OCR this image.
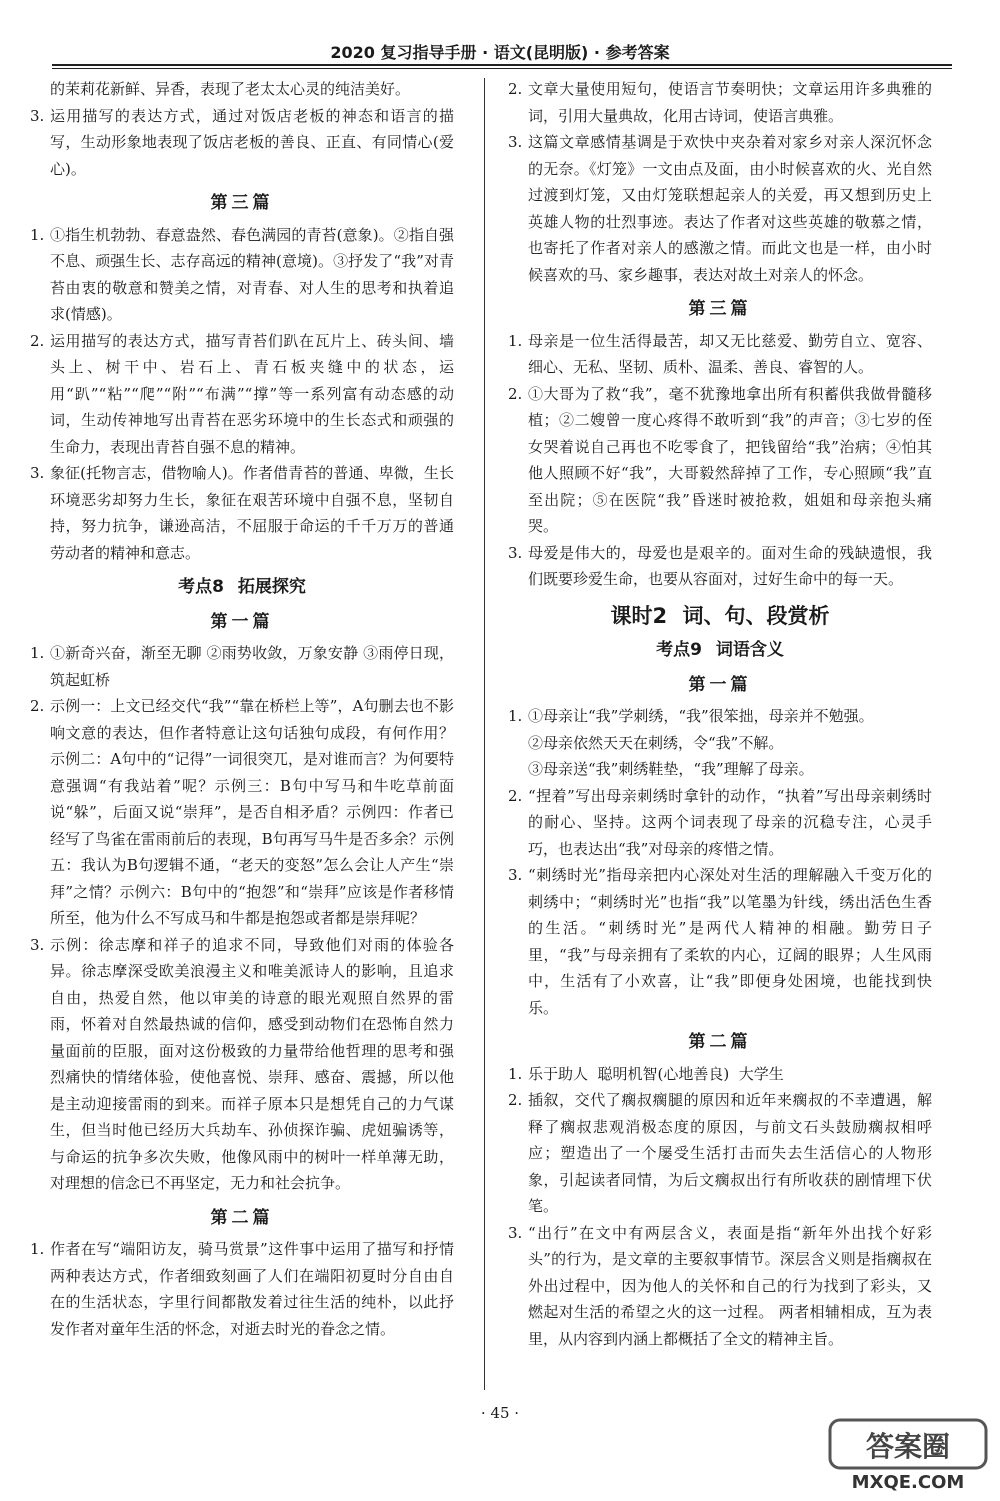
2020 复习指导手册 · 语文(昆明版) · 参考答案

的茉莉花新鲜、异香，表现了老太太心灵的纯洁美好。

3. 运用描写的表达方式，通过对饭店老板的神态和语言的描写，生动形象地表现了饭店老板的善良、正直、有同情心(爱心)。
第三篇
1. ①指生机勃勃、春意盎然、春色满园的青苔(意象)。②指自强不息、顽强生长、志存高远的精神(意境)。③抒发了“我”对青苔由衷的敬意和赞美之情，对青春、对人生的思考和执着追求(情感)。
2. 运用描写的表达方式，描写青苔们趴在瓦片上、砖头间、墙头上、树干中、岩石上、青石板夹缝中的状态，运用“趴”“粘”“爬”“附”“布满”“撑”等一系列富有动态感的动词，生动传神地写出青苔在恶劣环境中的生长态式和顽强的生命力，表现出青苔自强不息的精神。
3. 象征(托物言志，借物喻人)。作者借青苔的普通、卑微，生长环境恶劣却努力生长，象征在艰苦环境中自强不息，坚韧自持，努力抗争，谦逊高洁，不屈服于命运的千千万万的普通劳动者的精神和意志。
考点8 拓展探究
第一篇
1. ①新奇兴奋，渐至无聊 ②雨势收敛，万象安静 ③雨停日现，筑起虹桥
2. 示例一：上文已经交代“我”“靠在桥栏上等”，A句删去也不影响文意的表达，但作者特意让这句话独句成段，有何作用？示例二：A句中的“记得”一词很突兀，是对谁而言？为何要特意强调“有我站着”呢？示例三：B句中写马和牛吃草前面说“躲”，后面又说“崇拜”，是否自相矛盾？示例四：作者已经写了鸟雀在雷雨前后的表现，B句再写马牛是否多余？示例五：我认为B句逻辑不通，“老天的变怒”怎么会让人产生“崇拜”之情？示例六：B句中的“抱怨”和“崇拜”应该是作者移情所至，他为什么不写成马和牛都是抱怨或者都是崇拜呢？
3. 示例：徐志摩和祥子的追求不同，导致他们对雨的体验各异。徐志摩深受欧美浪漫主义和唯美派诗人的影响，且追求自由，热爱自然，他以审美的诗意的眼光观照自然界的雷雨，怀着对自然最热诚的信仰，感受到动物们在恐怖自然力量面前的臣服，面对这份极致的力量带给他哲理的思考和强烈痛快的情绪体验，使他喜悦、崇拜、感奋、震撼，所以他是主动迎接雷雨的到来。而祥子原本只是想凭自己的力气谋生，但当时他已经历大兵劫车、孙侦探诈骗、虎妞骗诱等，与命运的抗争多次失败，他像风雨中的树叶一样单薄无助，对理想的信念已不再坚定，无力和社会抗争。
第二篇
1. 作者在写“端阳访友，骑马赏景”这件事中运用了描写和抒情两种表达方式，作者细致刻画了人们在端阳初夏时分自由自在的生活状态，字里行间都散发着过往生活的纯朴，以此抒发作者对童年生活的怀念，对逝去时光的眷念之情。
2. 文章大量使用短句，使语言节奏明快；文章运用许多典雅的词，引用大量典故，化用古诗词，使语言典雅。
3. 这篇文章感情基调是于欢快中夹杂着对家乡对亲人深沉怀念的无奈。《灯笼》一文由点及面，由小时候喜欢的火、光自然过渡到灯笼，又由灯笼联想起亲人的关爱，再又想到历史上英雄人物的壮烈事迹。表达了作者对这些英雄的敬慕之情，也寄托了作者对亲人的感激之情。而此文也是一样，由小时候喜欢的马、家乡趣事，表达对故土对亲人的怀念。
第三篇
1. 母亲是一位生活得最苦，却又无比慈爱、勤劳自立、宽容、细心、无私、坚韧、质朴、温柔、善良、睿智的人。
2. ①大哥为了救“我”，毫不犹豫地拿出所有积蓄供我做骨髓移植；②二嫂曾一度心疼得不敢听到“我”的声音；③七岁的侄女哭着说自己再也不吃零食了，把钱留给“我”治病；④怕其他人照顾不好“我”，大哥毅然辞掉了工作，专心照顾“我”直至出院；⑤在医院“我”昏迷时被抢救，姐姐和母亲抱头痛哭。
3. 母爱是伟大的，母爱也是艰辛的。面对生命的残缺遗恨，我们既要珍爱生命，也要从容面对，过好生命中的每一天。
课时2 词、句、段赏析
考点9 词语含义
第一篇
1. ①母亲让“我”学刺绣，“我”很笨拙，母亲并不勉强。
②母亲依然天天在刺绣，令“我”不解。
③母亲送“我”刺绣鞋垫，“我”理解了母亲。
2. “捏着”写出母亲刺绣时拿针的动作，“执着”写出母亲刺绣时的耐心、坚持。这两个词表现了母亲的沉稳专注，心灵手巧，也表达出“我”对母亲的疼惜之情。
3. “刺绣时光”指母亲把内心深处对生活的理解融入千变万化的刺绣中；“刺绣时光”也指“我”以笔墨为针线，绣出活色生香的生活。“刺绣时光”是两代人精神的相融。勤劳日子里，“我”与母亲拥有了柔软的内心，辽阔的眼界；人生风雨中，生活有了小欢喜，让“我”即便身处困境，也能找到快乐。
第二篇
1. 乐于助人  聪明机智(心地善良)  大学生
2. 插叙，交代了瘸叔瘸腿的原因和近年来瘸叔的不幸遭遇，解释了瘸叔悲观消极态度的原因，与前文石头鼓励瘸叔相呼应；塑造出了一个屡受生活打击而失去生活信心的人物形象，引起读者同情，为后文瘸叔出行有所收获的剧情埋下伏笔。
3. “出行”在文中有两层含义，表面是指“新年外出找个好彩头”的行为，是文章的主要叙事情节。深层含义则是指瘸叔在外出过程中，因为他人的关怀和自己的行为找到了彩头，又燃起对生活的希望之火的这一过程。 两者相辅相成，互为表里，从内容到内涵上都概括了全文的精神主旨。
· 45 ·
答案圈
MXQE.COM
